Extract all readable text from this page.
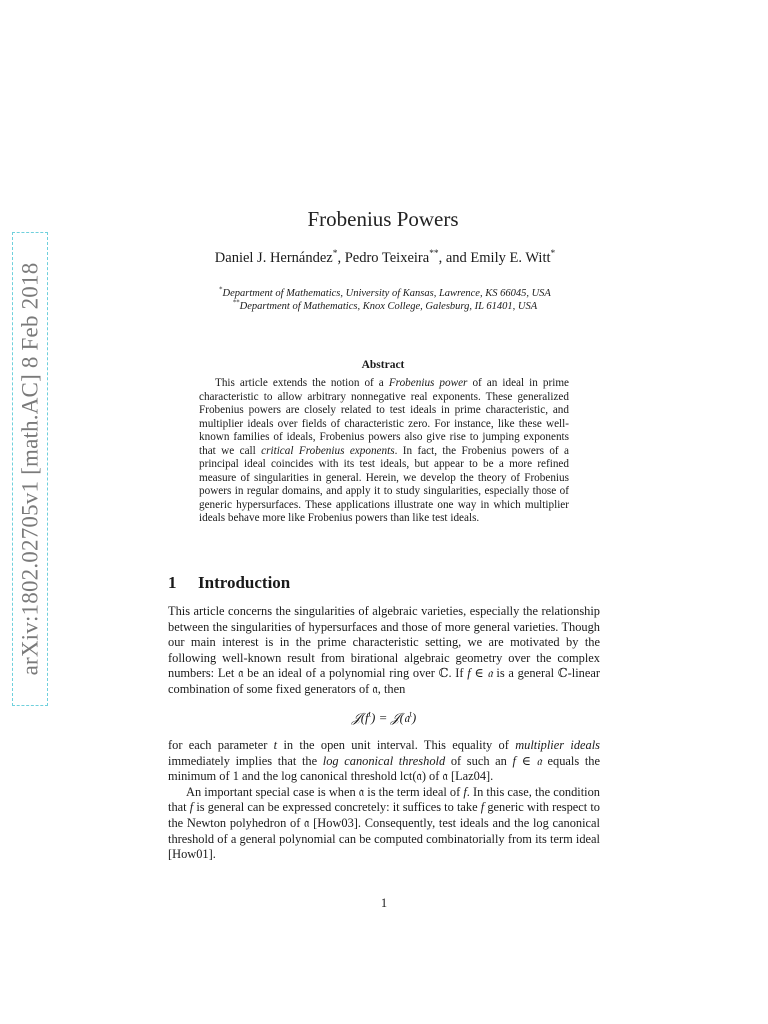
arXiv:1802.02705v1 [math.AC] 8 Feb 2018
Frobenius Powers
Daniel J. Hernández*, Pedro Teixeira**, and Emily E. Witt*
*Department of Mathematics, University of Kansas, Lawrence, KS 66045, USA
**Department of Mathematics, Knox College, Galesburg, IL 61401, USA
Abstract

This article extends the notion of a Frobenius power of an ideal in prime characteristic to allow arbitrary nonnegative real exponents. These generalized Frobenius powers are closely related to test ideals in prime characteristic, and multiplier ideals over fields of characteristic zero. For instance, like these well-known families of ideals, Frobenius powers also give rise to jumping exponents that we call critical Frobenius exponents. In fact, the Frobenius powers of a principal ideal coincides with its test ideals, but appear to be a more refined measure of singularities in general. Herein, we develop the theory of Frobenius powers in regular domains, and apply it to study singularities, especially those of generic hypersurfaces. These applications illustrate one way in which multiplier ideals behave more like Frobenius powers than like test ideals.

1 Introduction

This article concerns the singularities of algebraic varieties, especially the relationship between the singularities of hypersurfaces and those of more general varieties. Though our main interest is in the prime characteristic setting, we are motivated by the following well-known result from birational algebraic geometry over the complex numbers: Let 𝔞 be an ideal of a polynomial ring over ℂ. If f ∈ 𝔞 is a general ℂ-linear combination of some fixed generators of 𝔞, then

$𝒥(f^t)$ = 𝒥(𝔞$^t$)

for each parameter t in the open unit interval. This equality of multiplier ideals immediately implies that the log canonical threshold of such an f ∈ 𝔞 equals the minimum of 1 and the log canonical threshold lct(𝔞) of 𝔞 [Laz04].

An important special case is when 𝔞 is the term ideal of f. In this case, the condition that f is general can be expressed concretely: it suffices to take f generic with respect to the Newton polyhedron of 𝔞 [How03]. Consequently, test ideals and the log canonical threshold of a general polynomial can be computed combinatorially from its term ideal [How01].

1
